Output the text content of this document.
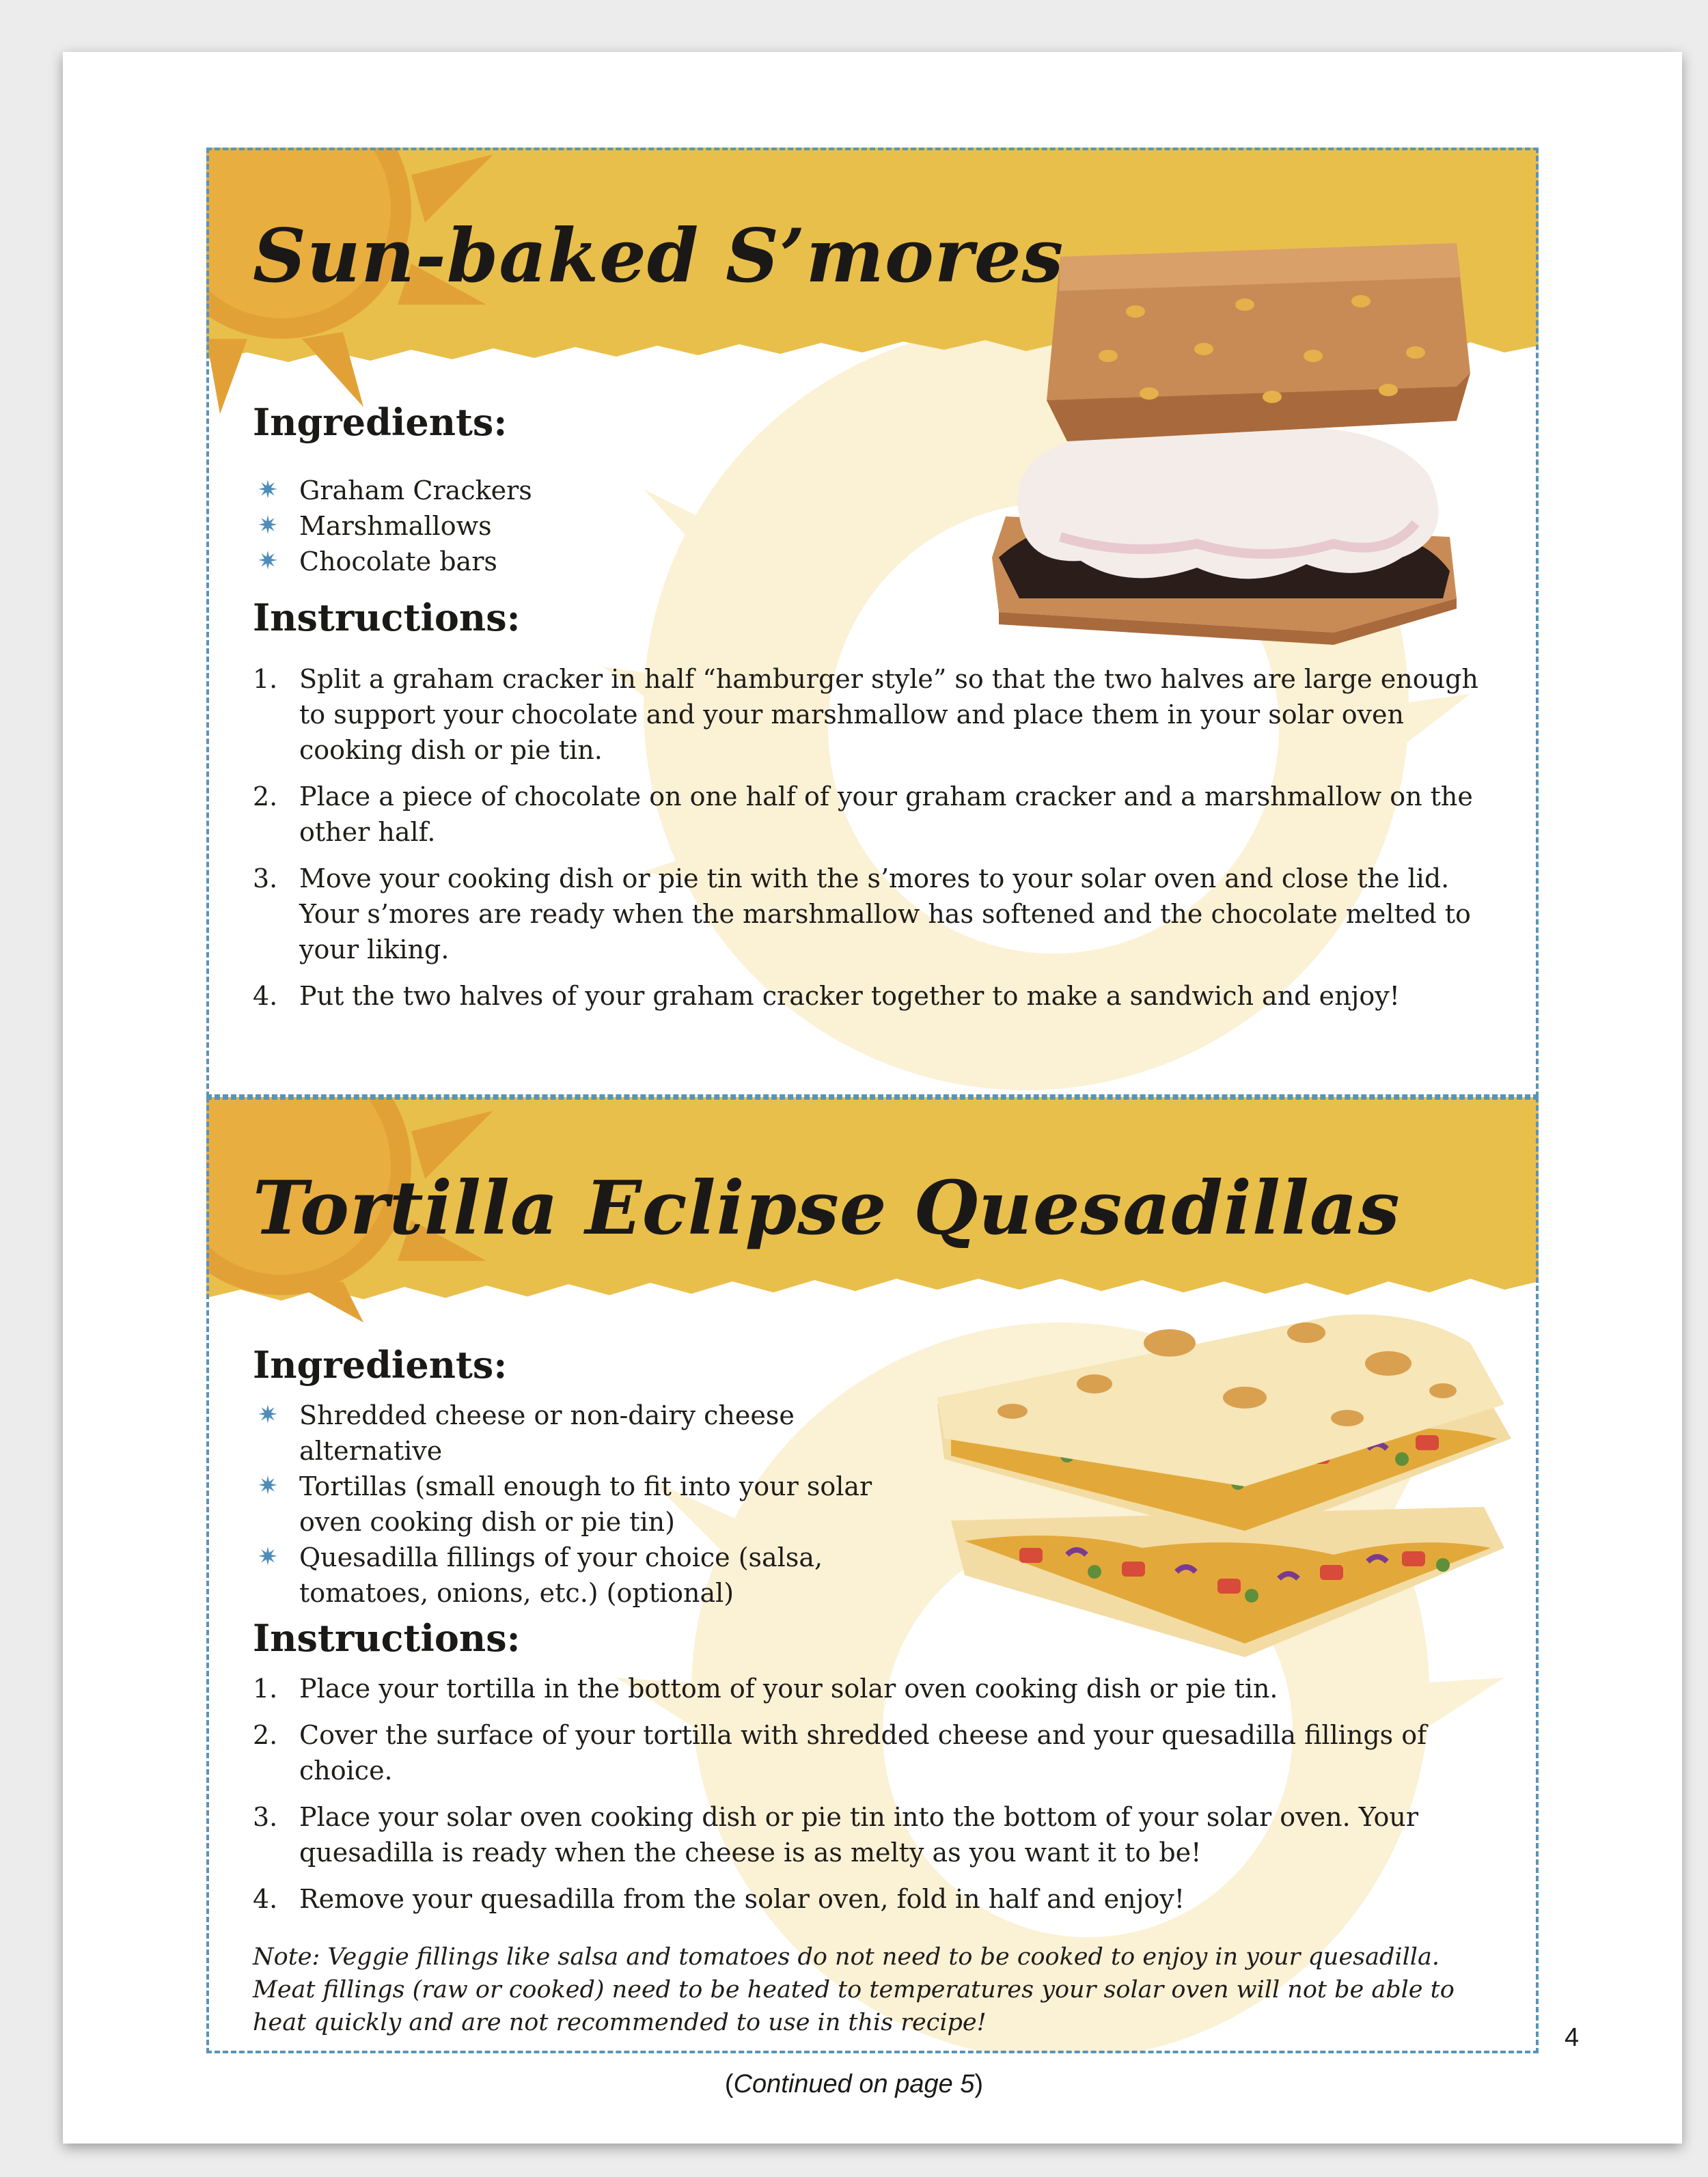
Sun-baked S’mores
Ingredients:
✷ Graham Crackers
✷ Marshmallows
✷ Chocolate bars
Instructions:
1. Split a graham cracker in half “hamburger style” so that the two halves are large enough to support your chocolate and your marshmallow and place them in your solar oven cooking dish or pie tin.
2. Place a piece of chocolate on one half of your graham cracker and a marshmallow on the other half.
3. Move your cooking dish or pie tin with the s’mores to your solar oven and close the lid. Your s’mores are ready when the marshmallow has softened and the chocolate melted to your liking.
4. Put the two halves of your graham cracker together to make a sandwich and enjoy!
Tortilla Eclipse Quesadillas
Ingredients:
✷ Shredded cheese or non-dairy cheese alternative
✷ Tortillas (small enough to fit into your solar oven cooking dish or pie tin)
✷ Quesadilla fillings of your choice (salsa, tomatoes, onions, etc.) (optional)
Instructions:
1. Place your tortilla in the bottom of your solar oven cooking dish or pie tin.
2. Cover the surface of your tortilla with shredded cheese and your quesadilla fillings of choice.
3. Place your solar oven cooking dish or pie tin into the bottom of your solar oven. Your quesadilla is ready when the cheese is as melty as you want it to be!
4. Remove your quesadilla from the solar oven, fold in half and enjoy!

Note: Veggie fillings like salsa and tomatoes do not need to be cooked to enjoy in your quesadilla. Meat fillings (raw or cooked) need to be heated to temperatures your solar oven will not be able to heat quickly and are not recommended to use in this recipe!

4
(Continued on page 5)
